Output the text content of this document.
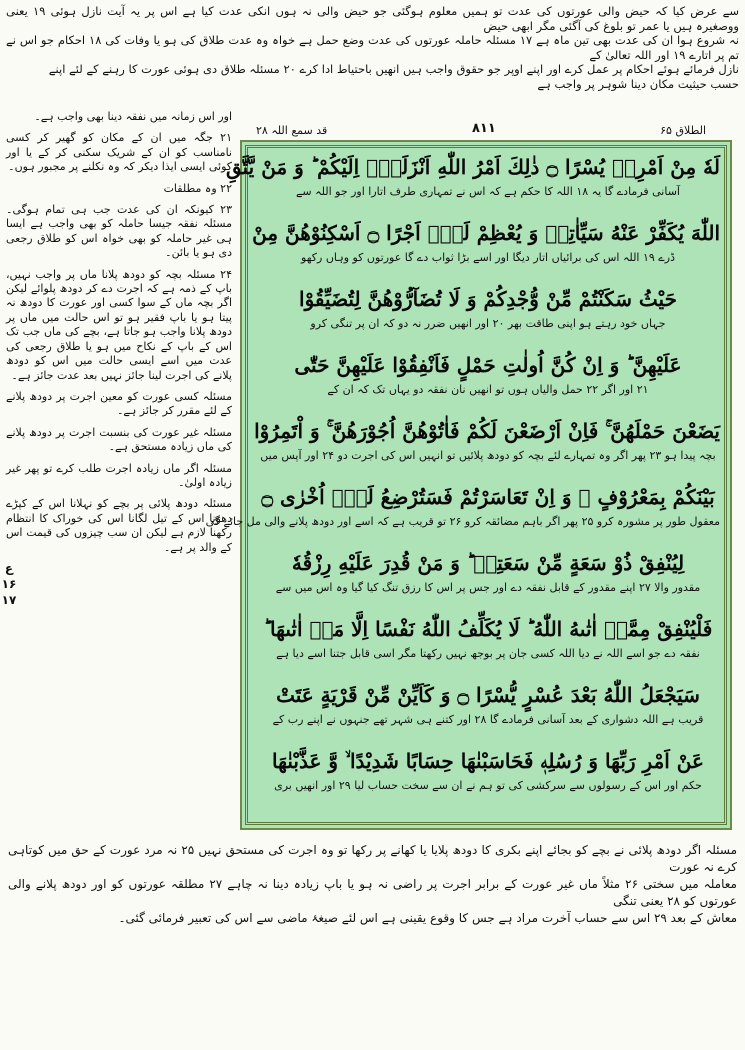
سے عرض کیا کہ حیض والی عورتوں کی عدت تو ہمیں معلوم ہوگئی جو حیض والی نہ ہوں انکی عدت کیا ہے اس پر یہ آیت نازل ہوئی ۱۹ یعنی ووصغیرہ ہیں یا عمر تو بلوغ کی آگئی مگر ابھی حیض

نہ شروع ہوا ان کی عدت بھی تین ماہ ہے ۱۷ مسئلہ حاملہ عورتوں کی عدت وضع حمل ہے خواہ وہ عدت طلاق کی ہو یا وفات کی ۱۸ احکام جو اس نے تم پر اتارے ۱۹ اور اللہ تعالیٰ کے

نازل فرمائے ہوئے احکام پر عمل کرے اور اپنے اوپر جو حقوق واجب ہیں انھیں باحتیاط ادا کرے ۲۰ مسئلہ طلاق دی ہوئی عورت کا رہنے کے لئے اپنے

حسب حیثیت مکان دینا شوہر پر واجب ہے

قد سمع اللہ ۲۸	۸۱۱	الطلاق ۶۵

اور اس زمانہ میں نفقہ دینا بھی واجب ہے۔

۲۱ جگہ میں ان کے مکان کو گھیر کر کسی نامناسب کو ان کے شریک سکنی کر کے یا اور کوئی ایسی ایذا دیکر کہ وہ نکلنے پر مجبور ہوں۔

۲۲ وہ مطلقات

۲۳ کیونکہ ان کی عدت جب ہی تمام ہوگی۔ مسئلہ نفقہ جیسا حاملہ کو بھی واجب ہے ایسا ہی غیر حاملہ کو بھی خواہ اس کو طلاق رجعی دی ہو یا بائن۔

۲۴ مسئلہ بچہ کو دودھ پلانا ماں پر واجب نہیں، باپ کے ذمہ ہے کہ اجرت دے کر دودھ پلوائے لیکن اگر بچہ ماں کے سوا کسی اور عورت کا دودھ نہ پیتا ہو یا باپ فقیر ہو تو اس حالت میں ماں پر دودھ پلانا واجب ہو جاتا ہے، بچے کی ماں جب تک اس کے باپ کے نکاح میں ہو یا طلاق رجعی کی عدت میں اسے ایسی حالت میں اس کو دودھ پلانے کی اجرت لینا جائز نہیں بعد عدت جائز ہے۔

مسئلہ کسی عورت کو معین اجرت پر دودھ پلانے کے لئے مقرر کر جائز ہے۔

مسئلہ غیر عورت کی بنسبت اجرت پر دودھ پلانے کی ماں زیادہ مستحق ہے۔

مسئلہ اگر ماں زیادہ اجرت طلب کرے تو پھر غیر زیادہ اولیٰ۔

مسئلہ دودھ پلائی پر بچے کو نہلانا اس کے کپڑے دھونا اس کے تیل لگانا اس کی خوراک کا انتظام رکھنا لازم ہے لیکن ان سب چیزوں کی قیمت اس کے والد پر ہے۔

ع ۱۶ ۱۷
لَهٗ مِنْ اَمْرِهٖ يُسْرًا ۝ ذٰلِكَ اَمْرُ اللّٰهِ اَنْزَلَهٗۤ اِلَيْكُمْ ؕ وَ مَنْ يَّتَّقِ
آسانی فرمادے گا یہ ۱۸ اللہ کا حکم ہے کہ اس نے تمہاری طرف اتارا اور جو اللہ سے
اللّٰهَ يُكَفِّرْ عَنْهُ سَيِّاٰتِهٖ وَ يُعْظِمْ لَهٗۤ اَجْرًا ۝ اَسْكِنُوْهُنَّ مِنْ
ڈرے ۱۹ اللہ اس کی برائیاں اتار دیگا اور اسے بڑا ثواب دے گا عورتوں کو وہاں رکھو
حَيْثُ سَكَنْتُمْ مِّنْ وُّجْدِكُمْ وَ لَا تُضَآرُّوْهُنَّ لِتُضَيِّقُوْا
جہاں خود رہتے ہو اپنی طاقت بھر ۲۰ اور انھیں ضرر نہ دو کہ ان پر تنگی کرو
عَلَيْهِنَّ ؕ وَ اِنْ كُنَّ اُولٰتِ حَمْلٍ فَاَنْفِقُوْا عَلَيْهِنَّ حَتّٰى
۲۱ اور اگر ۲۲ حمل والیاں ہوں تو انھیں نان نفقہ دو یہاں تک کہ ان کے
يَضَعْنَ حَمْلَهُنَّ ۚ فَاِنْ اَرْضَعْنَ لَكُمْ فَاٰتُوْهُنَّ اُجُوْرَهُنَّ ۚ وَ اْتَمِرُوْا
بچہ پیدا ہو ۲۳ پھر اگر وہ تمہارے لئے بچہ کو دودھ پلائیں تو انہیں اس کی اجرت دو ۲۴ اور آپس میں
بَيْنَكُمْ بِمَعْرُوْفٍ ۚ وَ اِنْ تَعَاسَرْتُمْ فَسَتُرْضِعُ لَهٗۤ اُخْرٰى ۝
معقول طور پر مشورہ کرو ۲۵ پھر اگر باہم مضائقہ کرو ۲۶ تو قریب ہے کہ اسے اور دودھ پلانے والی مل جائے گی
لِيُنْفِقْ ذُوْ سَعَةٍ مِّنْ سَعَتِهٖ ؕ وَ مَنْ قُدِرَ عَلَيْهِ رِزْقُهٗ
مقدور والا ۲۷ اپنے مقدور کے قابل نفقہ دے اور جس پر اس کا رزق تنگ کیا گیا وہ اس میں سے
فَلْيُنْفِقْ مِمَّاۤ اٰتٰىهُ اللّٰهُ ؕ لَا يُكَلِّفُ اللّٰهُ نَفْسًا اِلَّا مَاۤ اٰتٰىهَا ؕ
نفقہ دے جو اسے اللہ نے دیا اللہ کسی جان پر بوجھ نہیں رکھتا مگر اسی قابل جتنا اسے دیا ہے
سَيَجْعَلُ اللّٰهُ بَعْدَ عُسْرٍ يُّسْرًا ۝ وَ كَاَيِّنْ مِّنْ قَرْيَةٍ عَتَتْ
قریب ہے اللہ دشواری کے بعد آسانی فرمادے گا ۲۸ اور کتنے ہی شہر تھے جنہوں نے اپنے رب کے
عَنْ اَمْرِ رَبِّهَا وَ رُسُلِهٖ فَحَاسَبْنٰهَا حِسَابًا شَدِيْدًا ۙ وَّ عَذَّبْنٰهَا
حکم اور اس کے رسولوں سے سرکشی کی تو ہم نے ان سے سخت حساب لیا ۲۹ اور انھیں بری

مسئلہ اگر دودھ پلائی نے بچے کو بجائے اپنے بکری کا دودھ پلایا یا کھانے پر رکھا تو وہ اجرت کی مستحق نہیں ۲۵ نہ مرد عورت کے حق میں کوتاہی کرے نہ عورت

معاملہ میں سختی ۲۶ مثلاً ماں غیر عورت کے برابر اجرت پر راضی نہ ہو یا باپ زیادہ دینا نہ چاہے ۲۷ مطلقہ عورتوں کو اور دودھ پلانے والی عورتوں کو ۲۸ یعنی تنگی

معاش کے بعد ۲۹ اس سے حساب آخرت مراد ہے جس کا وقوع یقینی ہے اس لئے صیغۂ ماضی سے اس کی تعبیر فرمائی گئی۔
